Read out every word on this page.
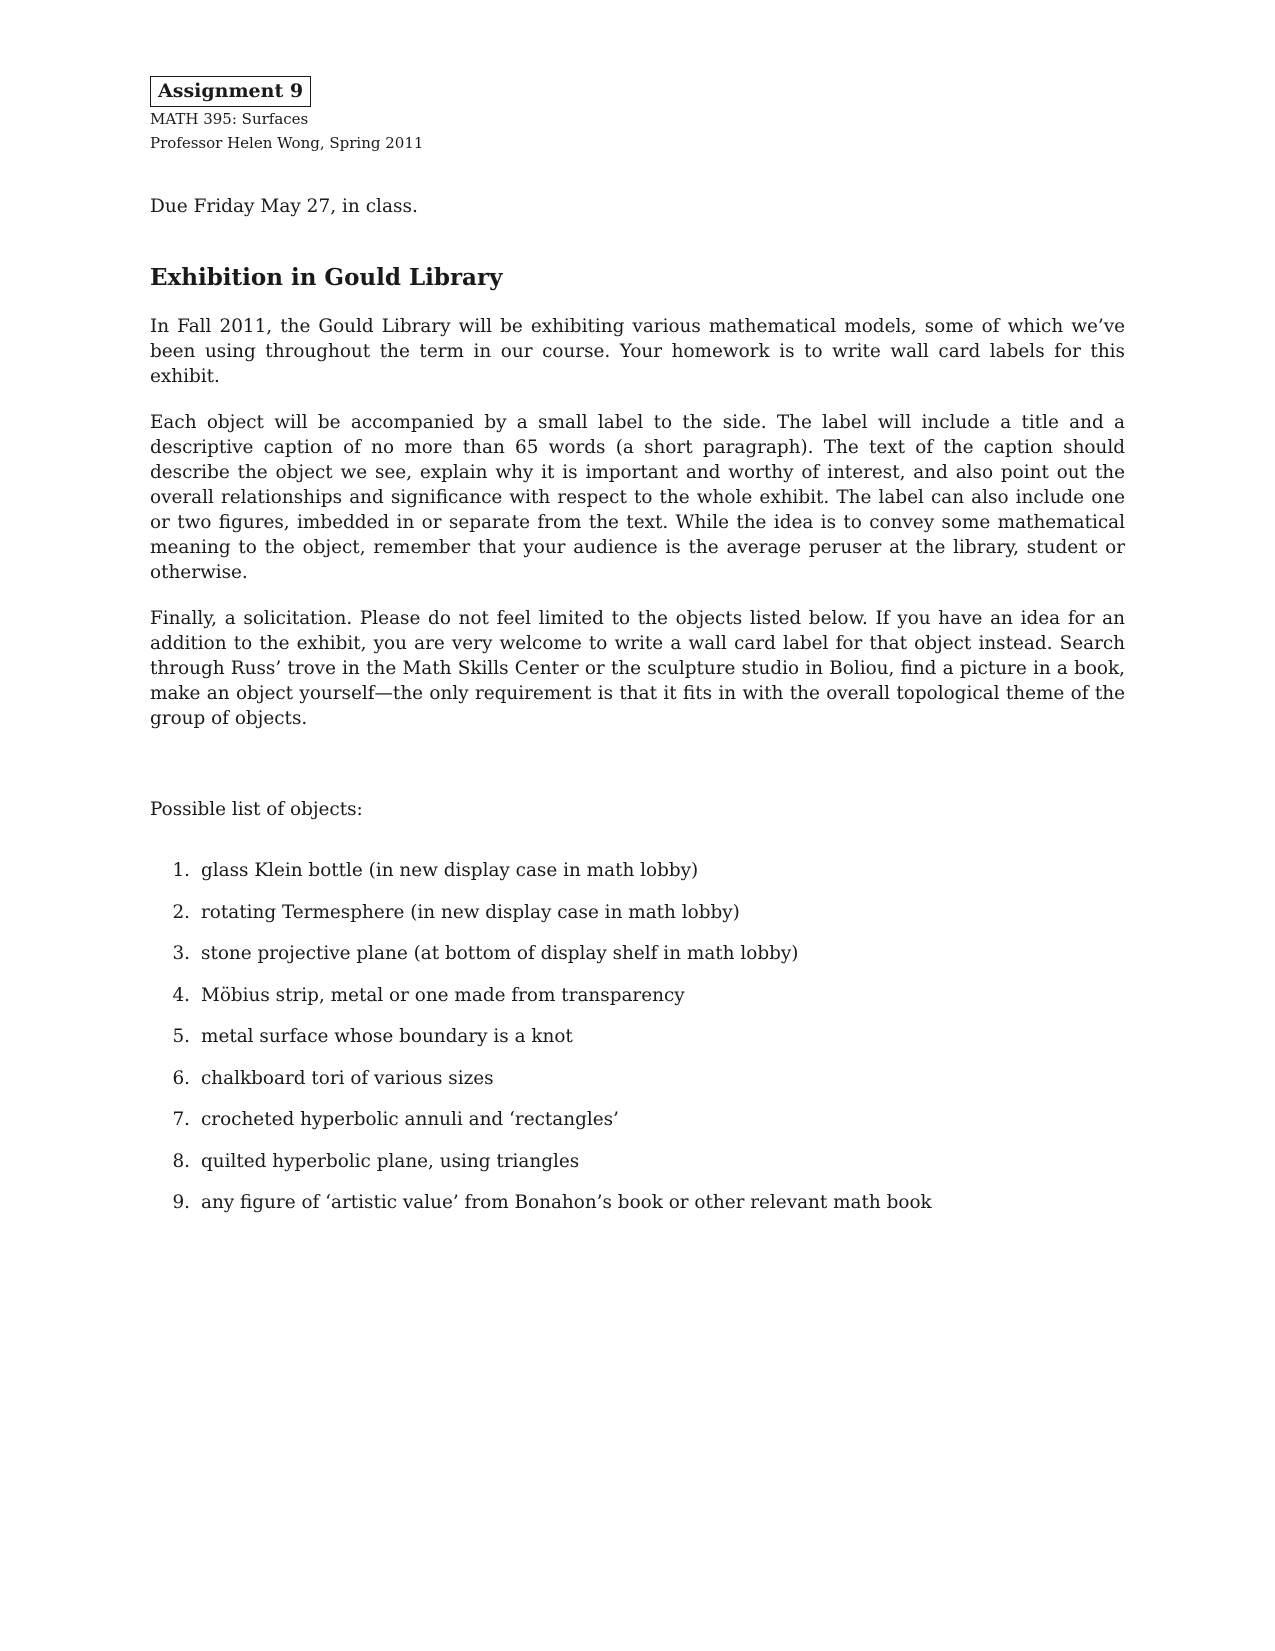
Assignment 9

MATH 395: Surfaces

Professor Helen Wong, Spring 2011

Due Friday May 27, in class.

Exhibition in Gould Library

In Fall 2011, the Gould Library will be exhibiting various mathematical models, some of which we’ve been using throughout the term in our course. Your homework is to write wall card labels for this exhibit.

Each object will be accompanied by a small label to the side. The label will include a title and a descriptive caption of no more than 65 words (a short paragraph). The text of the caption should describe the object we see, explain why it is important and worthy of interest, and also point out the overall relationships and significance with respect to the whole exhibit. The label can also include one or two figures, imbedded in or separate from the text. While the idea is to convey some mathematical meaning to the object, remember that your audience is the average peruser at the library, student or otherwise.

Finally, a solicitation. Please do not feel limited to the objects listed below. If you have an idea for an addition to the exhibit, you are very welcome to write a wall card label for that object instead. Search through Russ’ trove in the Math Skills Center or the sculpture studio in Boliou, find a picture in a book, make an object yourself—the only requirement is that it fits in with the overall topological theme of the group of objects.

Possible list of objects:

1. glass Klein bottle (in new display case in math lobby)
2. rotating Termesphere (in new display case in math lobby)
3. stone projective plane (at bottom of display shelf in math lobby)
4. Möbius strip, metal or one made from transparency
5. metal surface whose boundary is a knot
6. chalkboard tori of various sizes
7. crocheted hyperbolic annuli and ‘rectangles’
8. quilted hyperbolic plane, using triangles
9. any figure of ‘artistic value’ from Bonahon’s book or other relevant math book
